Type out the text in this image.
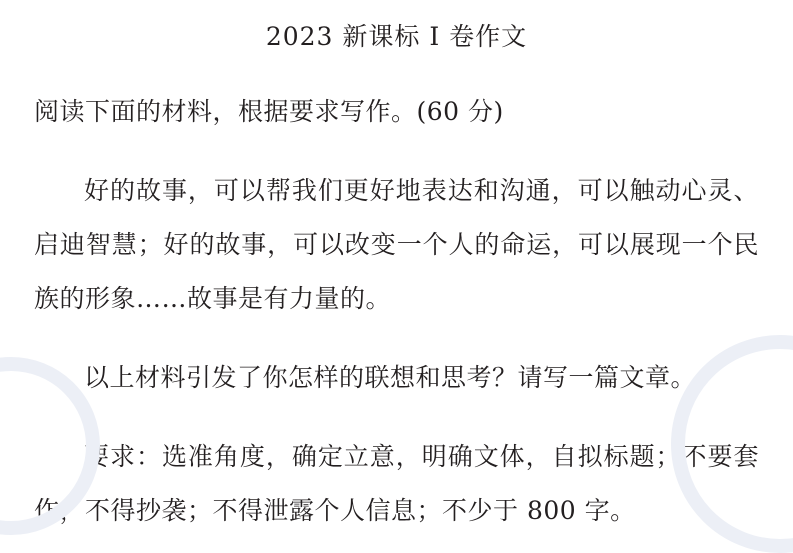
2023 新课标 Ⅰ 卷作文

阅读下面的材料，根据要求写作。(60 分)

好的故事，可以帮我们更好地表达和沟通，可以触动心灵、启迪智慧；好的故事，可以改变一个人的命运，可以展现一个民族的形象……故事是有力量的。

以上材料引发了你怎样的联想和思考？请写一篇文章。

要求：选准角度，确定立意，明确文体，自拟标题；不要套作，不得抄袭；不得泄露个人信息；不少于 800 字。
